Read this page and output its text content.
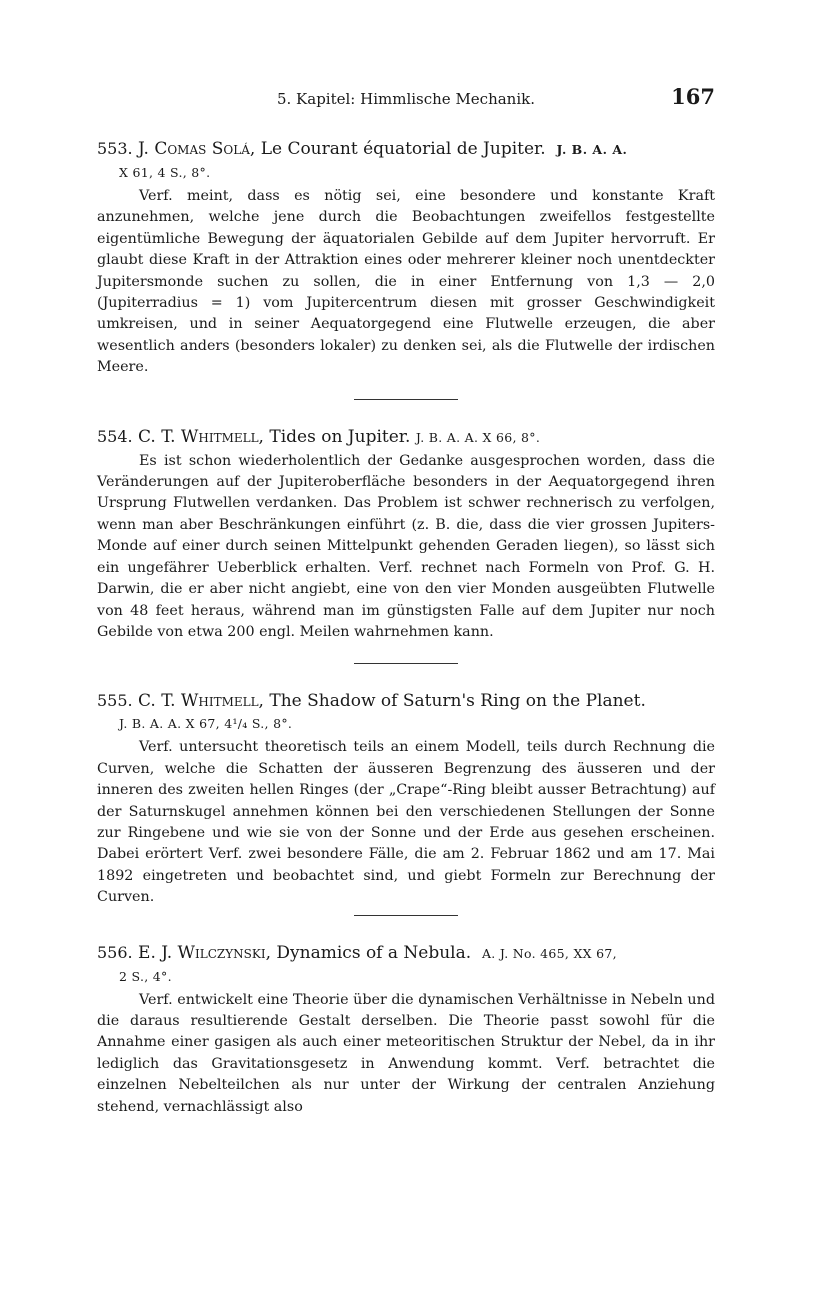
5. Kapitel: Himmlische Mechanik.	167

553. J. Comas Solá, Le Courant équatorial de Jupiter. J. B. A. A.
X 61, 4 S., 8°.

Verf. meint, dass es nötig sei, eine besondere und konstante Kraft anzunehmen, welche jene durch die Beobachtungen zweifellos festgestellte eigentümliche Bewegung der äquatorialen Gebilde auf dem Jupiter hervorruft. Er glaubt diese Kraft in der Attraktion eines oder mehrerer kleiner noch unentdeckter Jupitersmonde suchen zu sollen, die in einer Entfernung von 1,3 — 2,0 (Jupiterradius = 1) vom Jupitercentrum diesen mit grosser Geschwindigkeit umkreisen, und in seiner Aequatorgegend eine Flutwelle erzeugen, die aber wesentlich anders (besonders lokaler) zu denken sei, als die Flutwelle der irdischen Meere.

554. C. T. Whitmell, Tides on Jupiter. J. B. A. A. X 66, 8°.

Es ist schon wiederholentlich der Gedanke ausgesprochen worden, dass die Veränderungen auf der Jupiteroberfläche besonders in der Aequatorgegend ihren Ursprung Flutwellen verdanken. Das Problem ist schwer rechnerisch zu verfolgen, wenn man aber Beschränkungen einführt (z. B. die, dass die vier grossen Jupiters-Monde auf einer durch seinen Mittelpunkt gehenden Geraden liegen), so lässt sich ein ungefährer Ueberblick erhalten. Verf. rechnet nach Formeln von Prof. G. H. Darwin, die er aber nicht angiebt, eine von den vier Monden ausgeübten Flutwelle von 48 feet heraus, während man im günstigsten Falle auf dem Jupiter nur noch Gebilde von etwa 200 engl. Meilen wahrnehmen kann.

555. C. T. Whitmell, The Shadow of Saturn's Ring on the Planet.
J. B. A. A. X 67, 4¹/₄ S., 8°.

Verf. untersucht theoretisch teils an einem Modell, teils durch Rechnung die Curven, welche die Schatten der äusseren Begrenzung des äusseren und der inneren des zweiten hellen Ringes (der „Crape“-Ring bleibt ausser Betrachtung) auf der Saturnskugel annehmen können bei den verschiedenen Stellungen der Sonne zur Ringebene und wie sie von der Sonne und der Erde aus gesehen erscheinen. Dabei erörtert Verf. zwei besondere Fälle, die am 2. Februar 1862 und am 17. Mai 1892 eingetreten und beobachtet sind, und giebt Formeln zur Berechnung der Curven.

556. E. J. Wilczynski, Dynamics of a Nebula. A. J. No. 465, XX 67,
2 S., 4°.

Verf. entwickelt eine Theorie über die dynamischen Verhältnisse in Nebeln und die daraus resultierende Gestalt derselben. Die Theorie passt sowohl für die Annahme einer gasigen als auch einer meteoritischen Struktur der Nebel, da in ihr lediglich das Gravitationsgesetz in Anwendung kommt. Verf. betrachtet die einzelnen Nebelteilchen als nur unter der Wirkung der centralen Anziehung stehend, vernachlässigt also
